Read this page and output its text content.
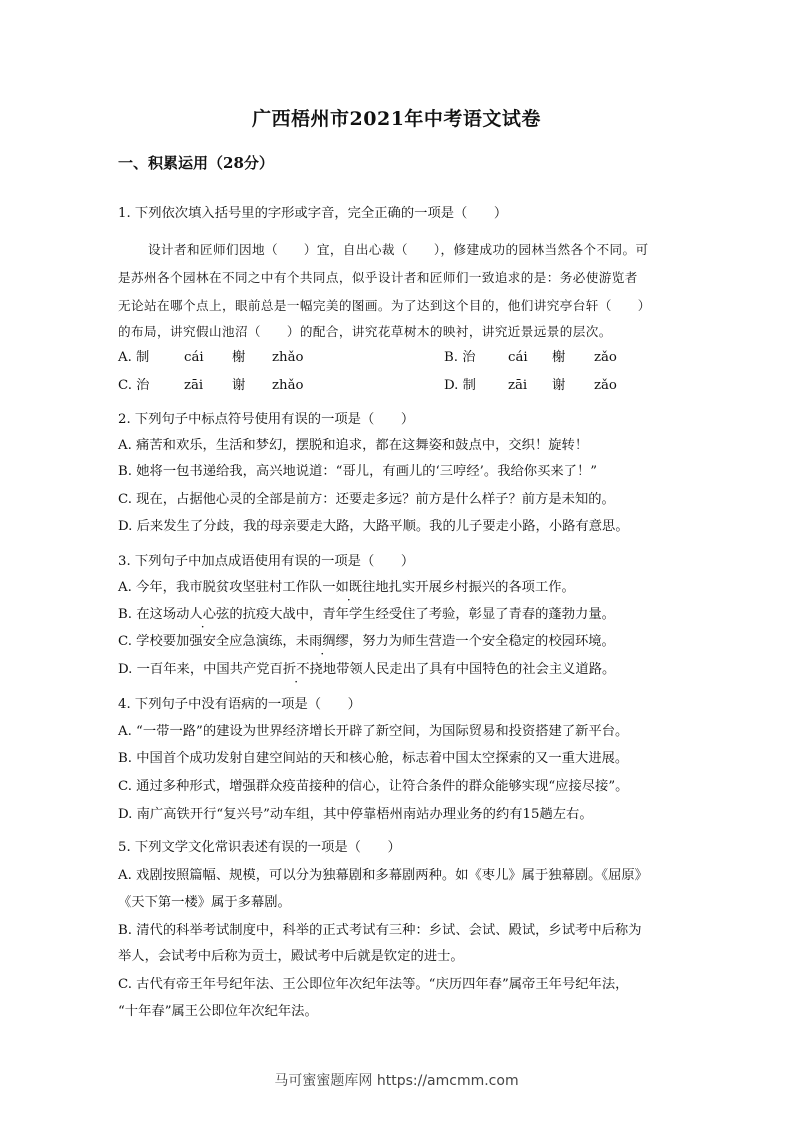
广西梧州市2021年中考语文试卷
一、积累运用（28分）
1. 下列依次填入括号里的字形或字音，完全正确的一项是（　　）
设计者和匠师们因地（　　）宜，自出心裁（　　），修建成功的园林当然各个不同。可
是苏州各个园林在不同之中有个共同点，似乎设计者和匠师们一致追求的是：务必使游览者
无论站在哪个点上，眼前总是一幅完美的图画。为了达到这个目的，他们讲究亭台轩（　　）
的布局，讲究假山池沼（　　）的配合，讲究花草树木的映衬，讲究近景远景的层次。
A. 制	cái 榭 zhǎo	B. 治 cái 榭 zǎo
C. 治	zāi 谢 zhǎo	D. 制 zāi 谢 zǎo
2. 下列句子中标点符号使用有误的一项是（　　）
A. 痛苦和欢乐，生活和梦幻，摆脱和追求，都在这舞姿和鼓点中，交织！旋转！
B. 她将一包书递给我，高兴地说道：“哥儿，有画儿的‘三哼经’。我给你买来了！”
C. 现在，占据他心灵的全部是前方：还要走多远？前方是什么样子？前方是未知的。
D. 后来发生了分歧，我的母亲要走大路，大路平顺。我的儿子要走小路，小路有意思。
3. 下列句子中加点成语使用有误的一项是（　　）
A. 今年，我市脱贫攻坚驻村工作队一如既往地扎实开展乡村振兴的各项工作。
B. 在这场动人心弦的抗疫大战中，青年学生经受住了考验，彰显了青春的蓬勃力量。
C. 学校要加强安全应急演练，未雨绸缪，努力为师生营造一个安全稳定的校园环境。
D. 一百年来，中国共产党百折不挠地带领人民走出了具有中国特色的社会主义道路。
4. 下列句子中没有语病的一项是（　　）
A. “一带一路”的建设为世界经济增长开辟了新空间，为国际贸易和投资搭建了新平台。
B. 中国首个成功发射自建空间站的天和核心舱，标志着中国太空探索的又一重大进展。
C. 通过多种形式，增强群众疫苗接种的信心，让符合条件的群众能够实现“应接尽接”。
D. 南广高铁开行“复兴号”动车组，其中停靠梧州南站办理业务的约有15趟左右。
5. 下列文学文化常识表述有误的一项是（　　）
A. 戏剧按照篇幅、规模，可以分为独幕剧和多幕剧两种。如《枣儿》属于独幕剧。《屈原》
《天下第一楼》属于多幕剧。
B. 清代的科举考试制度中，科举的正式考试有三种：乡试、会试、殿试，乡试考中后称为
举人，会试考中后称为贡士，殿试考中后就是钦定的进士。
C. 古代有帝王年号纪年法、王公即位年次纪年法等。“庆历四年春”属帝王年号纪年法，
“十年春”属王公即位年次纪年法。
马可蜜蜜题库网 https://amcmm.com
